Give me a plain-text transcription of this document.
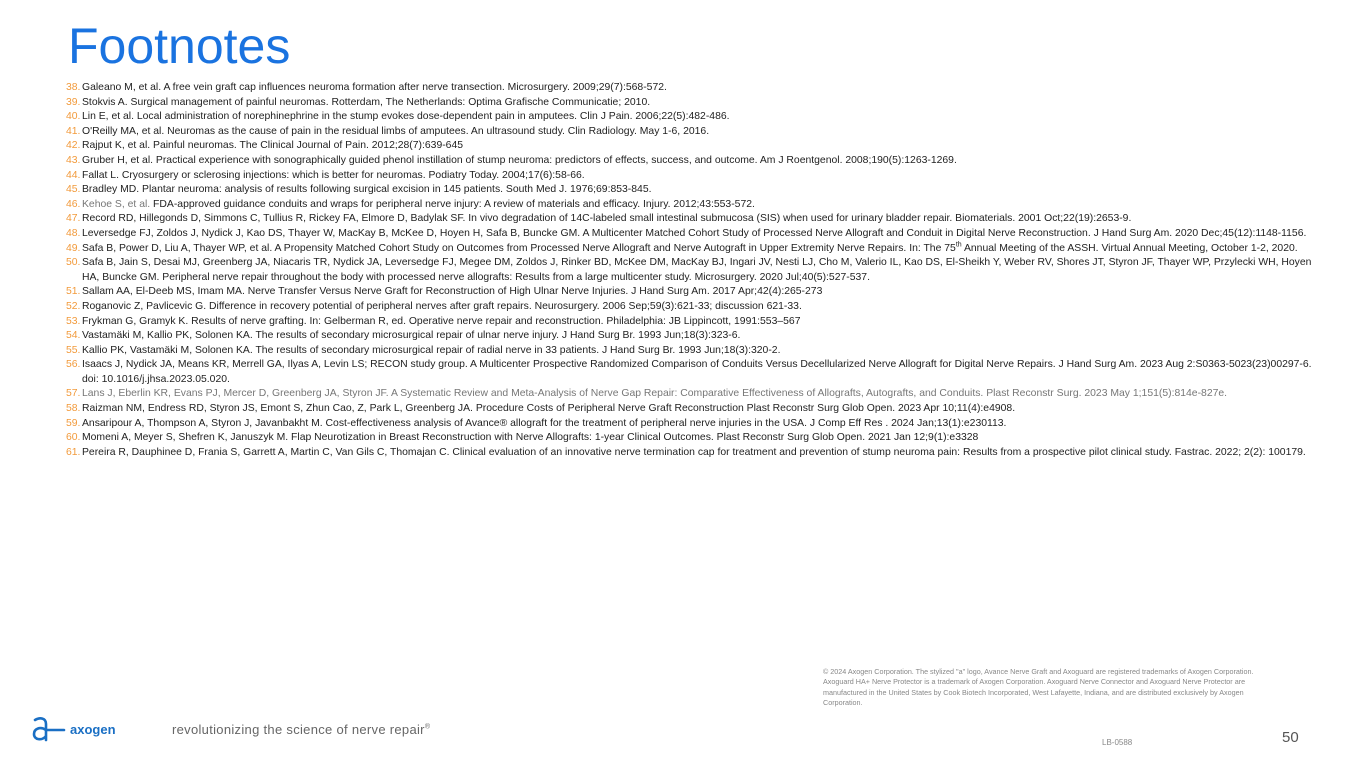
Footnotes
38. Galeano M, et al. A free vein graft cap influences neuroma formation after nerve transection. Microsurgery. 2009;29(7):568-572.
39. Stokvis A. Surgical management of painful neuromas. Rotterdam, The Netherlands: Optima Grafische Communicatie; 2010.
40. Lin E, et al. Local administration of norephinephrine in the stump evokes dose-dependent pain in amputees. Clin J Pain. 2006;22(5):482-486.
41. O'Reilly MA, et al. Neuromas as the cause of pain in the residual limbs of amputees. An ultrasound study. Clin Radiology. May 1-6, 2016.
42. Rajput K, et al. Painful neuromas. The Clinical Journal of Pain. 2012;28(7):639-645
43. Gruber H, et al. Practical experience with sonographically guided phenol instillation of stump neuroma: predictors of effects, success, and outcome. Am J Roentgenol. 2008;190(5):1263-1269.
44. Fallat L. Cryosurgery or sclerosing injections: which is better for neuromas. Podiatry Today. 2004;17(6):58-66.
45. Bradley MD. Plantar neuroma: analysis of results following surgical excision in 145 patients. South Med J. 1976;69:853-845.
46. Kehoe S, et al. FDA-approved guidance conduits and wraps for peripheral nerve injury: A review of materials and efficacy. Injury. 2012;43:553-572.
47. Record RD, Hillegonds D, Simmons C, Tullius R, Rickey FA, Elmore D, Badylak SF. In vivo degradation of 14C-labeled small intestinal submucosa (SIS) when used for urinary bladder repair. Biomaterials. 2001 Oct;22(19):2653-9.
48. Leversedge FJ, Zoldos J, Nydick J, Kao DS, Thayer W, MacKay B, McKee D, Hoyen H, Safa B, Buncke GM. A Multicenter Matched Cohort Study of Processed Nerve Allograft and Conduit in Digital Nerve Reconstruction. J Hand Surg Am. 2020 Dec;45(12):1148-1156.
49. Safa B, Power D, Liu A, Thayer WP, et al. A Propensity Matched Cohort Study on Outcomes from Processed Nerve Allograft and Nerve Autograft in Upper Extremity Nerve Repairs. In: The 75th Annual Meeting of the ASSH. Virtual Annual Meeting, October 1-2, 2020.
50. Safa B, Jain S, Desai MJ, Greenberg JA, Niacaris TR, Nydick JA, Leversedge FJ, Megee DM, Zoldos J, Rinker BD, McKee DM, MacKay BJ, Ingari JV, Nesti LJ, Cho M, Valerio IL, Kao DS, El-Sheikh Y, Weber RV, Shores JT, Styron JF, Thayer WP, Przylecki WH, Hoyen HA, Buncke GM. Peripheral nerve repair throughout the body with processed nerve allografts: Results from a large multicenter study. Microsurgery. 2020 Jul;40(5):527-537.
51. Sallam AA, El-Deeb MS, Imam MA. Nerve Transfer Versus Nerve Graft for Reconstruction of High Ulnar Nerve Injuries. J Hand Surg Am. 2017 Apr;42(4):265-273
52. Roganovic Z, Pavlicevic G. Difference in recovery potential of peripheral nerves after graft repairs. Neurosurgery. 2006 Sep;59(3):621-33; discussion 621-33.
53. Frykman G, Gramyk K. Results of nerve grafting. In: Gelberman R, ed. Operative nerve repair and reconstruction. Philadelphia: JB Lippincott, 1991:553–567
54. Vastamäki M, Kallio PK, Solonen KA. The results of secondary microsurgical repair of ulnar nerve injury. J Hand Surg Br. 1993 Jun;18(3):323-6.
55. Kallio PK, Vastamäki M, Solonen KA. The results of secondary microsurgical repair of radial nerve in 33 patients. J Hand Surg Br. 1993 Jun;18(3):320-2.
56. Isaacs J, Nydick JA, Means KR, Merrell GA, Ilyas A, Levin LS; RECON study group. A Multicenter Prospective Randomized Comparison of Conduits Versus Decellularized Nerve Allograft for Digital Nerve Repairs. J Hand Surg Am. 2023 Aug 2:S0363-5023(23)00297-6. doi: 10.1016/j.jhsa.2023.05.020.
57. Lans J, Eberlin KR, Evans PJ, Mercer D, Greenberg JA, Styron JF. A Systematic Review and Meta-Analysis of Nerve Gap Repair: Comparative Effectiveness of Allografts, Autografts, and Conduits. Plast Reconstr Surg. 2023 May 1;151(5):814e-827e.
58. Raizman NM, Endress RD, Styron JS, Emont S, Zhun Cao, Z, Park L, Greenberg JA. Procedure Costs of Peripheral Nerve Graft Reconstruction Plast Reconstr Surg Glob Open. 2023 Apr 10;11(4):e4908.
59. Ansaripour A, Thompson A, Styron J, Javanbakht M. Cost-effectiveness analysis of Avance® allograft for the treatment of peripheral nerve injuries in the USA. J Comp Eff Res . 2024 Jan;13(1):e230113.
60. Momeni A, Meyer S, Shefren K, Januszyk M. Flap Neurotization in Breast Reconstruction with Nerve Allografts: 1-year Clinical Outcomes. Plast Reconstr Surg Glob Open. 2021 Jan 12;9(1):e3328
61. Pereira R, Dauphinee D, Frania S, Garrett A, Martin C, Van Gils C, Thomajan C. Clinical evaluation of an innovative nerve termination cap for treatment and prevention of stump neuroma pain: Results from a prospective pilot clinical study. Fastrac. 2022; 2(2): 100179.
© 2024 Axogen Corporation. The stylized "a" logo, Avance Nerve Graft and Axoguard are registered trademarks of Axogen Corporation. Axoguard HA+ Nerve Protector is a trademark of Axogen Corporation. Axoguard Nerve Connector and Axoguard Nerve Protector are manufactured in the United States by Cook Biotech Incorporated, West Lafayette, Indiana, and are distributed exclusively by Axogen Corporation.
axogen	revolutionizing the science of nerve repair®
LB-0588	50
